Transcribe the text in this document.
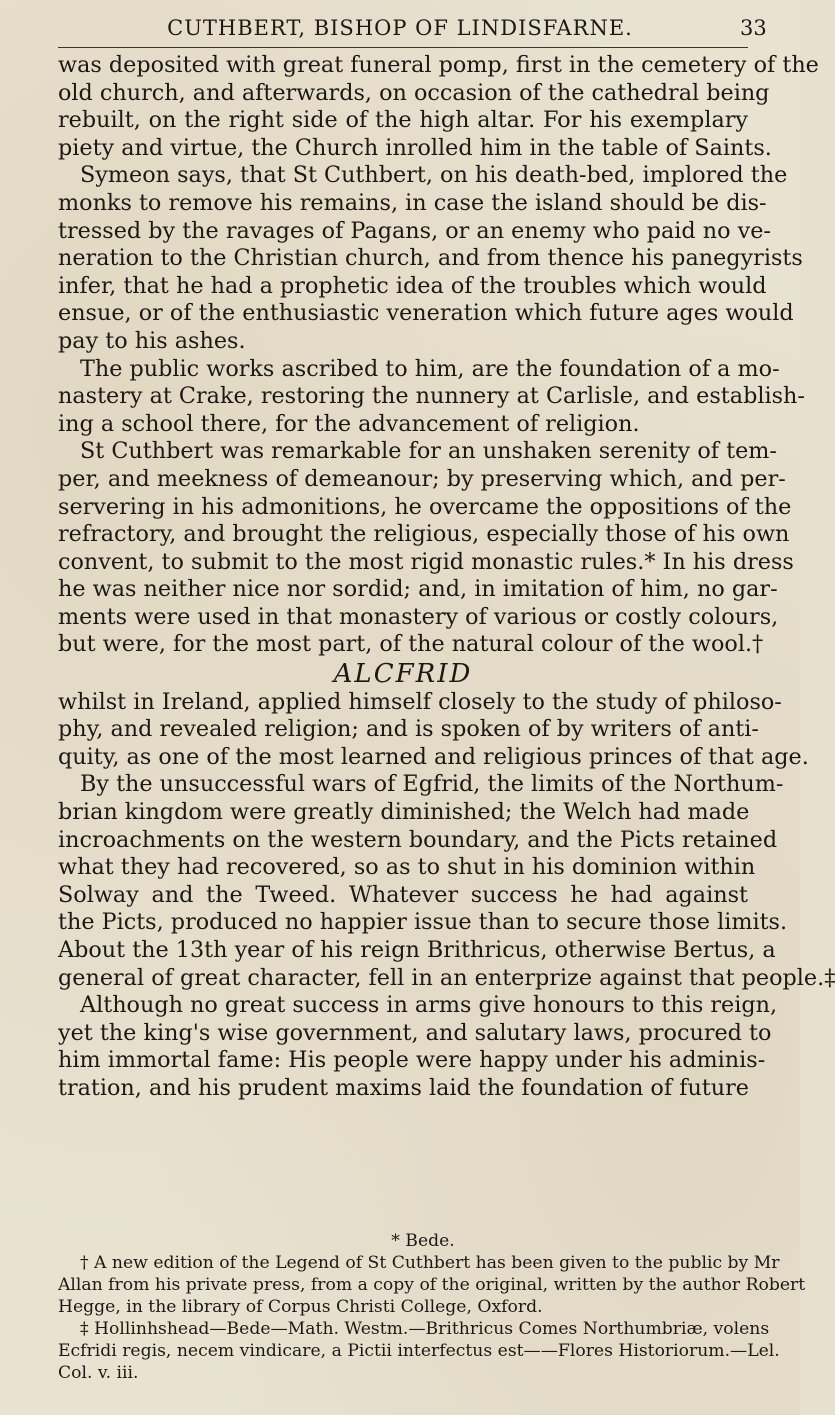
CUTHBERT, BISHOP OF LINDISFARNE.	33
was deposited with great funeral pomp, first in the cemetery of the
old church, and afterwards, on occasion of the cathedral being
rebuilt, on the right side of the high altar. For his exemplary
piety and virtue, the Church inrolled him in the table of Saints.
Symeon says, that St Cuthbert, on his death-bed, implored the
monks to remove his remains, in case the island should be dis-
tressed by the ravages of Pagans, or an enemy who paid no ve-
neration to the Christian church, and from thence his panegyrists
infer, that he had a prophetic idea of the troubles which would
ensue, or of the enthusiastic veneration which future ages would
pay to his ashes.
The public works ascribed to him, are the foundation of a mo-
nastery at Crake, restoring the nunnery at Carlisle, and establish-
ing a school there, for the advancement of religion.
St Cuthbert was remarkable for an unshaken serenity of tem-
per, and meekness of demeanour; by preserving which, and per-
servering in his admonitions, he overcame the oppositions of the
refractory, and brought the religious, especially those of his own
convent, to submit to the most rigid monastic rules.* In his dress
he was neither nice nor sordid; and, in imitation of him, no gar-
ments were used in that monastery of various or costly colours,
but were, for the most part, of the natural colour of the wool.†
ALCFRID
whilst in Ireland, applied himself closely to the study of philoso-
phy, and revealed religion; and is spoken of by writers of anti-
quity, as one of the most learned and religious princes of that age.
By the unsuccessful wars of Egfrid, the limits of the Northum-
brian kingdom were greatly diminished; the Welch had made
incroachments on the western boundary, and the Picts retained
what they had recovered, so as to shut in his dominion within
Solway and the Tweed. Whatever success he had against
the Picts, produced no happier issue than to secure those limits.
About the 13th year of his reign Brithricus, otherwise Bertus, a
general of great character, fell in an enterprize against that people.‡
Although no great success in arms give honours to this reign,
yet the king's wise government, and salutary laws, procured to
him immortal fame: His people were happy under his adminis-
tration, and his prudent maxims laid the foundation of future
* Bede.
† A new edition of the Legend of St Cuthbert has been given to the public by Mr
Allan from his private press, from a copy of the original, written by the author Robert
Hegge, in the library of Corpus Christi College, Oxford.
‡ Hollinhshead—Bede—Math. Westm.—Brithricus Comes Northumbriæ, volens
Ecfridi regis, necem vindicare, a Pictii interfectus est——Flores Historiorum.—Lel.
Col. v. iii.
